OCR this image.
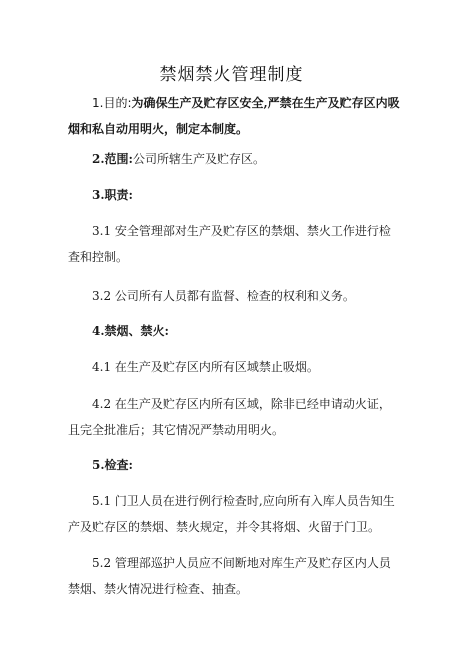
禁烟禁火管理制度

1.目的:为确保生产及贮存区安全,严禁在生产及贮存区内吸烟和私自动用明火，制定本制度。

2.范围:公司所辖生产及贮存区。

3.职责:

3.1 安全管理部对生产及贮存区的禁烟、禁火工作进行检查和控制。

3.2 公司所有人员都有监督、检查的权利和义务。

4.禁烟、禁火:

4.1 在生产及贮存区内所有区域禁止吸烟。

4.2 在生产及贮存区内所有区域，除非已经申请动火证，且完全批准后；其它情况严禁动用明火。

5.检查:

5.1 门卫人员在进行例行检查时,应向所有入库人员告知生产及贮存区的禁烟、禁火规定，并令其将烟、火留于门卫。

5.2 管理部巡护人员应不间断地对库生产及贮存区内人员禁烟、禁火情况进行检查、抽查。
